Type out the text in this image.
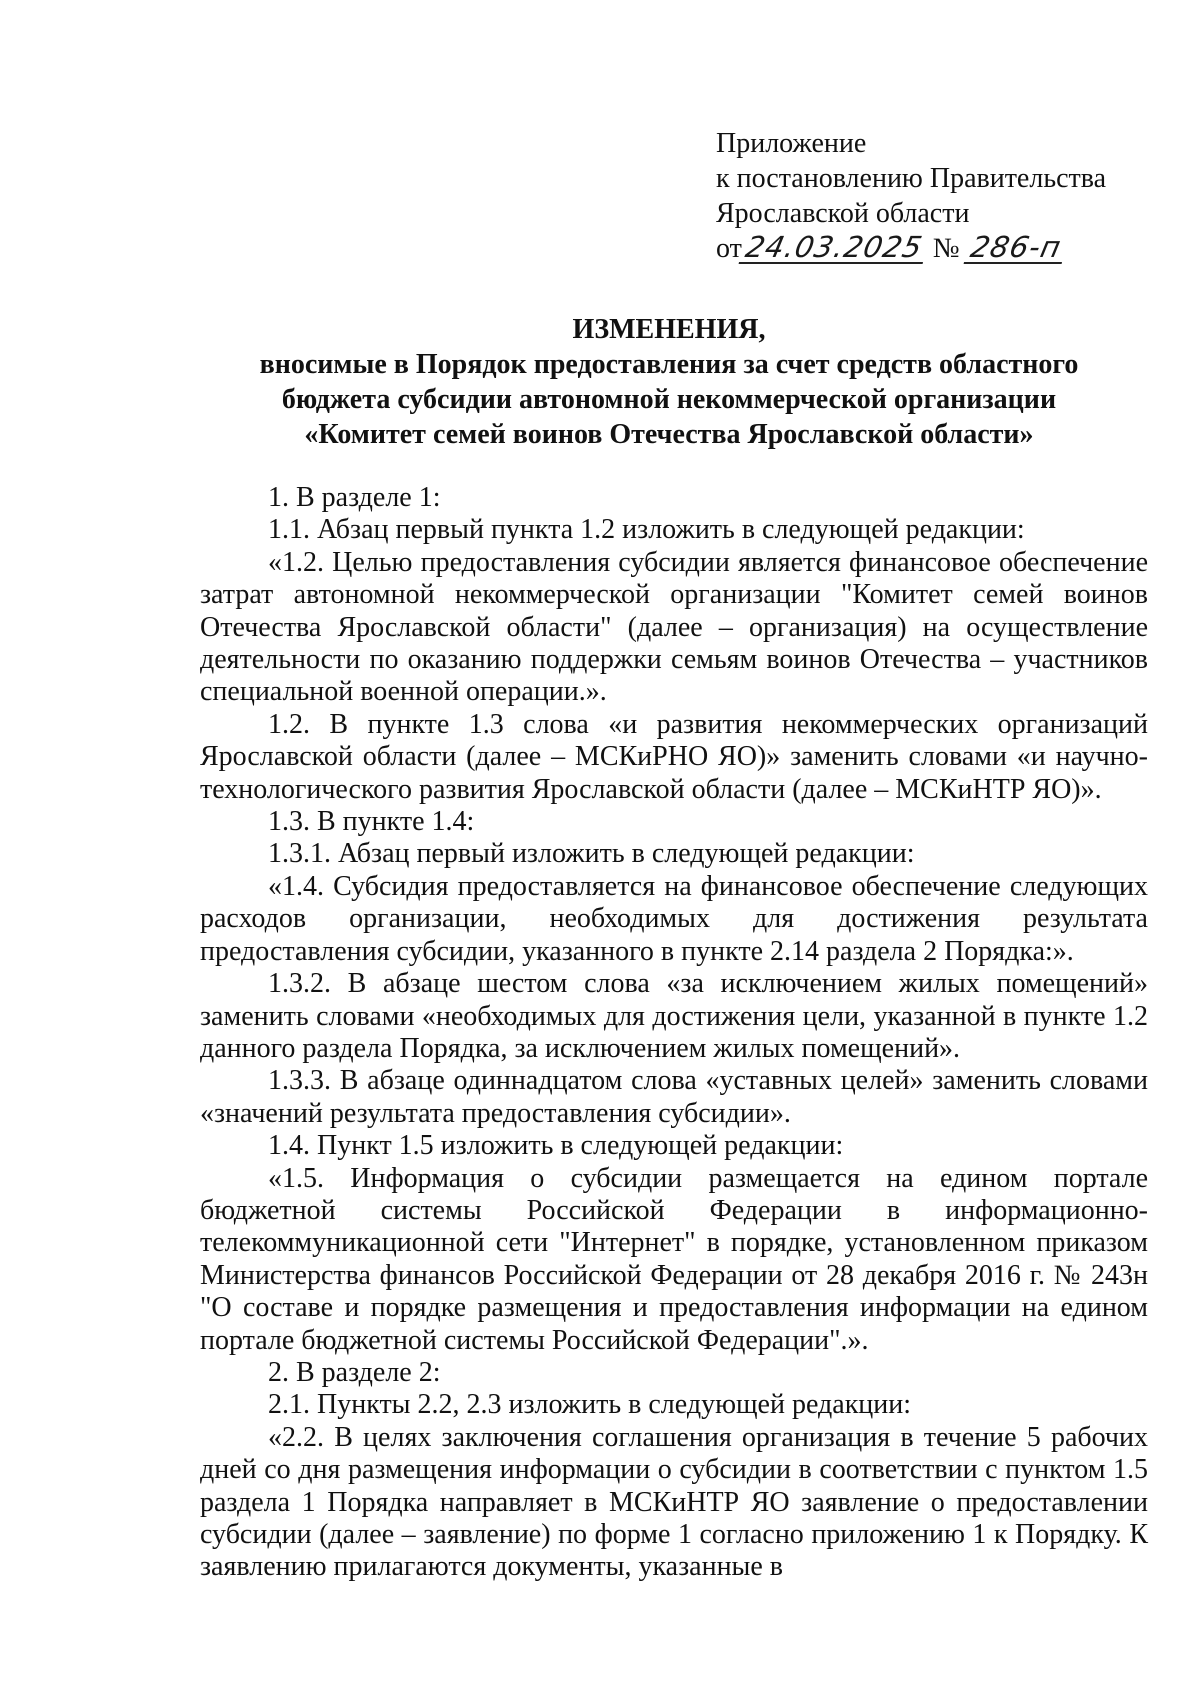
Приложение
к постановлению Правительства
Ярославской области
от24.03.2025 № 286-п
ИЗМЕНЕНИЯ,
вносимые в Порядок предоставления за счет средств областного
бюджета субсидии автономной некоммерческой организации
«Комитет семей воинов Отечества Ярославской области»

1. В разделе 1:

1.1. Абзац первый пункта 1.2 изложить в следующей редакции:

«1.2. Целью предоставления субсидии является финансовое обеспечение затрат автономной некоммерческой организации "Комитет семей воинов Отечества Ярославской области" (далее – организация) на осуществление деятельности по оказанию поддержки семьям воинов Отечества – участников специальной военной операции.».

1.2. В пункте 1.3 слова «и развития некоммерческих организаций Ярославской области (далее – МСКиРНО ЯО)» заменить словами «и научно-технологического развития Ярославской области (далее – МСКиНТР ЯО)».

1.3. В пункте 1.4:

1.3.1. Абзац первый изложить в следующей редакции:

«1.4. Субсидия предоставляется на финансовое обеспечение следующих расходов организации, необходимых для достижения результата предоставления субсидии, указанного в пункте 2.14 раздела 2 Порядка:».

1.3.2. В абзаце шестом слова «за исключением жилых помещений» заменить словами «необходимых для достижения цели, указанной в пункте 1.2 данного раздела Порядка, за исключением жилых помещений».

1.3.3. В абзаце одиннадцатом слова «уставных целей» заменить словами «значений результата предоставления субсидии».

1.4. Пункт 1.5 изложить в следующей редакции:

«1.5. Информация о субсидии размещается на едином портале бюджетной системы Российской Федерации в информационно-телекоммуникационной сети "Интернет" в порядке, установленном приказом Министерства финансов Российской Федерации от 28 декабря 2016 г. № 243н "О составе и порядке размещения и предоставления информации на едином портале бюджетной системы Российской Федерации".».

2. В разделе 2:

2.1. Пункты 2.2, 2.3 изложить в следующей редакции:

«2.2. В целях заключения соглашения организация в течение 5 рабочих дней со дня размещения информации о субсидии в соответствии с пунктом 1.5 раздела 1 Порядка направляет в МСКиНТР ЯО заявление о предоставлении субсидии (далее – заявление) по форме 1 согласно приложению 1 к Порядку. К заявлению прилагаются документы, указанные в
